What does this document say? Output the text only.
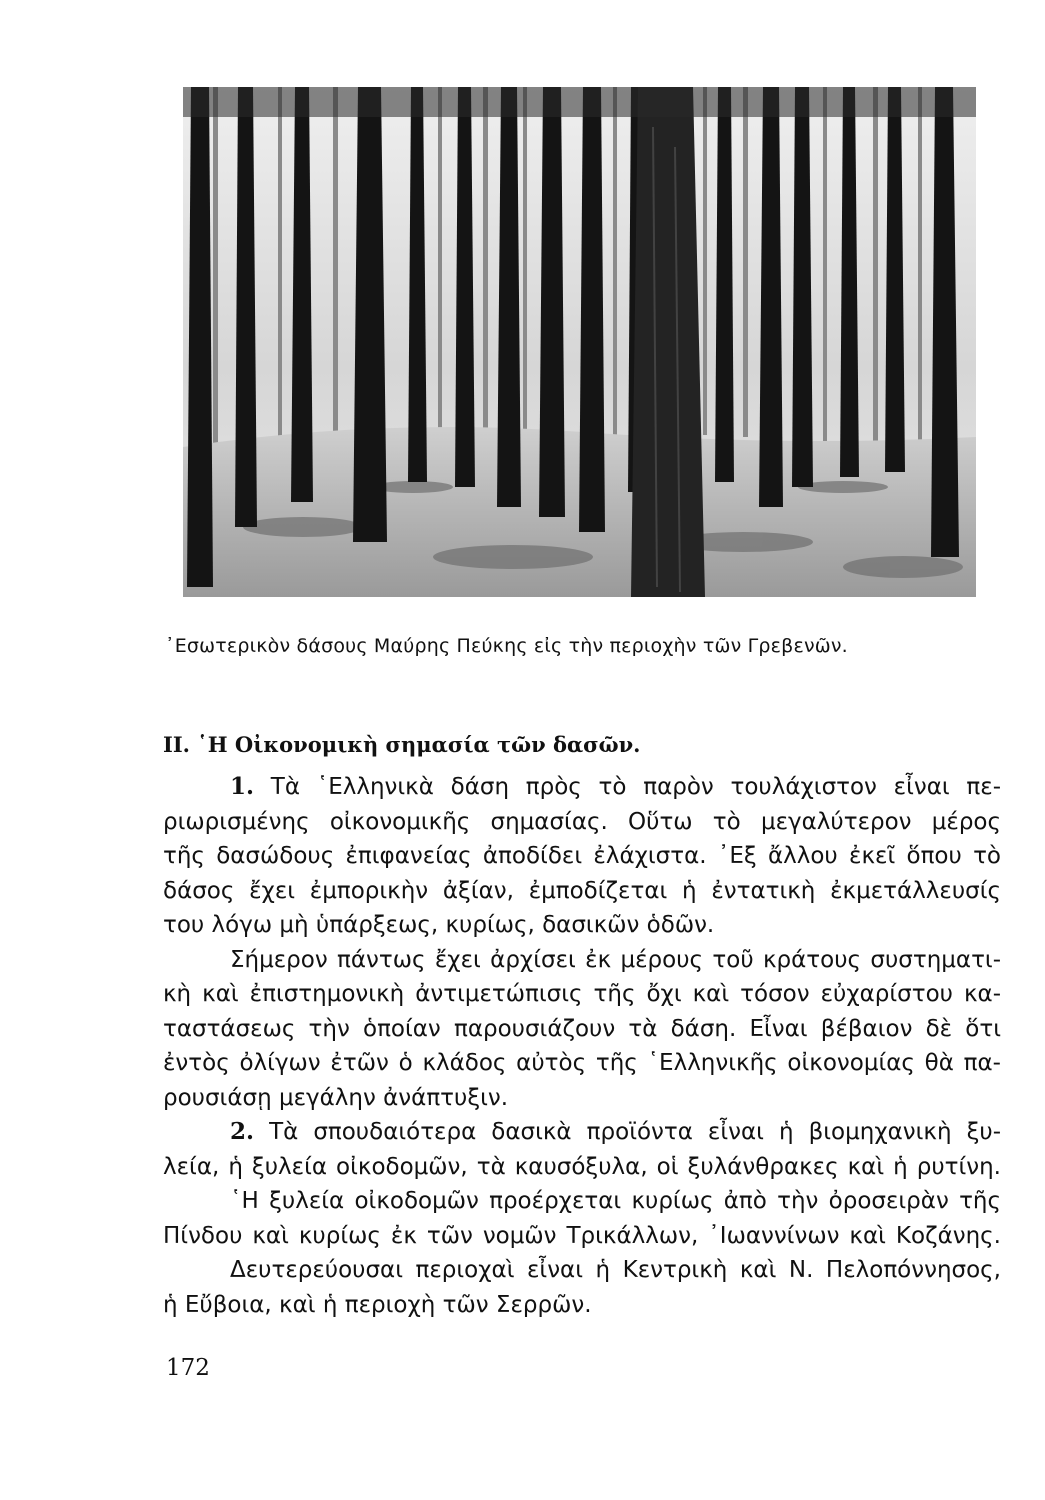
᾿Εσωτερικὸν δάσους Μαύρης Πεύκης εἰς τὴν περιοχὴν τῶν Γρεβενῶν.
II. ῾Η Οἰκονομικὴ σημασία τῶν δασῶν.
1. Τὰ ῾Ελληνικὰ δάση πρὸς τὸ παρὸν τουλάχιστον εἶναι πε-
ριωρισμένης οἰκονομικῆς σημασίας. Οὕτω τὸ μεγαλύτερον μέρος
τῆς δασώδους ἐπιφανείας ἀποδίδει ἐλάχιστα. ᾿Εξ ἄλλου ἐκεῖ ὅπου τὸ
δάσος ἔχει ἐμπορικὴν ἀξίαν, ἐμποδίζεται ἡ ἐντατικὴ ἐκμετάλλευσίς
του λόγω μὴ ὑπάρξεως, κυρίως, δασικῶν ὁδῶν.
Σήμερον πάντως ἔχει ἀρχίσει ἐκ μέρους τοῦ κράτους συστηματι-
κὴ καὶ ἐπιστημονικὴ ἀντιμετώπισις τῆς ὄχι καὶ τόσον εὐχαρίστου κα-
ταστάσεως τὴν ὁποίαν παρουσιάζουν τὰ δάση. Εἶναι βέβαιον δὲ ὅτι
ἐντὸς ὀλίγων ἐτῶν ὁ κλάδος αὐτὸς τῆς ῾Ελληνικῆς οἰκονομίας θὰ πα-
ρουσιάσῃ μεγάλην ἀνάπτυξιν.
2. Τὰ σπουδαιότερα δασικὰ προϊόντα εἶναι ἡ βιομηχανικὴ ξυ-
λεία, ἡ ξυλεία οἰκοδομῶν, τὰ καυσόξυλα, οἱ ξυλάνθρακες καὶ ἡ ρυτίνη.
῾Η ξυλεία οἰκοδομῶν προέρχεται κυρίως ἀπὸ τὴν ὀροσειρὰν τῆς
Πίνδου καὶ κυρίως ἐκ τῶν νομῶν Τρικάλλων, ᾿Ιωαννίνων καὶ Κοζάνης.
Δευτερεύουσαι περιοχαὶ εἶναι ἡ Κεντρικὴ καὶ Ν. Πελοπόννησος,
ἡ Εὔβοια, καὶ ἡ περιοχὴ τῶν Σερρῶν.
172
